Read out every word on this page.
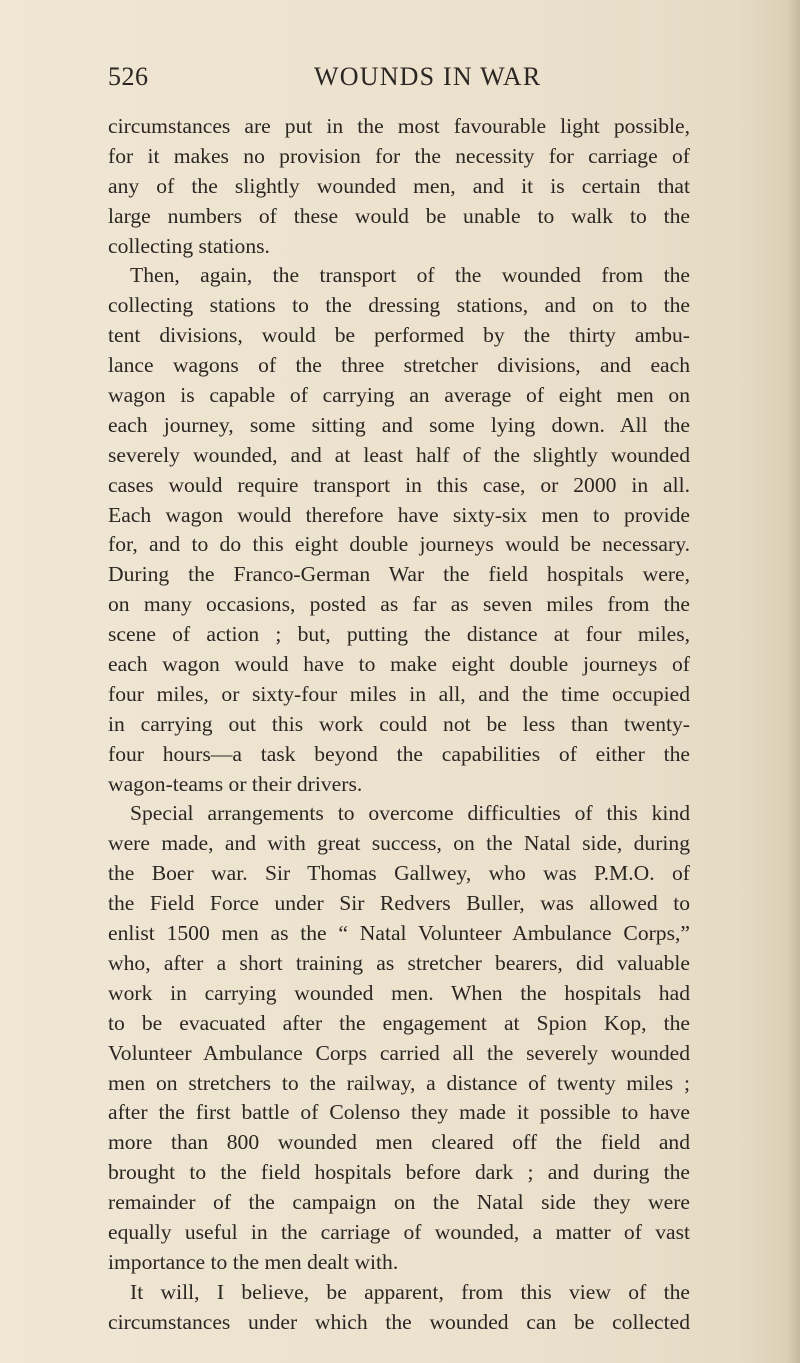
526	WOUNDS IN WAR
circumstances are put in the most favourable light possible,
for it makes no provision for the necessity for carriage of
any of the slightly wounded men, and it is certain that
large numbers of these would be unable to walk to the
collecting stations.
Then, again, the transport of the wounded from the
collecting stations to the dressing stations, and on to the
tent divisions, would be performed by the thirty ambu-
lance wagons of the three stretcher divisions, and each
wagon is capable of carrying an average of eight men on
each journey, some sitting and some lying down. All the
severely wounded, and at least half of the slightly wounded
cases would require transport in this case, or 2000 in all.
Each wagon would therefore have sixty-six men to provide
for, and to do this eight double journeys would be necessary.
During the Franco-German War the field hospitals were,
on many occasions, posted as far as seven miles from the
scene of action ; but, putting the distance at four miles,
each wagon would have to make eight double journeys of
four miles, or sixty-four miles in all, and the time occupied
in carrying out this work could not be less than twenty-
four hours—a task beyond the capabilities of either the
wagon-teams or their drivers.
Special arrangements to overcome difficulties of this kind
were made, and with great success, on the Natal side, during
the Boer war. Sir Thomas Gallwey, who was P.M.O. of
the Field Force under Sir Redvers Buller, was allowed to
enlist 1500 men as the “ Natal Volunteer Ambulance Corps,”
who, after a short training as stretcher bearers, did valuable
work in carrying wounded men. When the hospitals had
to be evacuated after the engagement at Spion Kop, the
Volunteer Ambulance Corps carried all the severely wounded
men on stretchers to the railway, a distance of twenty miles ;
after the first battle of Colenso they made it possible to have
more than 800 wounded men cleared off the field and
brought to the field hospitals before dark ; and during the
remainder of the campaign on the Natal side they were
equally useful in the carriage of wounded, a matter of vast
importance to the men dealt with.
It will, I believe, be apparent, from this view of the
circumstances under which the wounded can be collected
